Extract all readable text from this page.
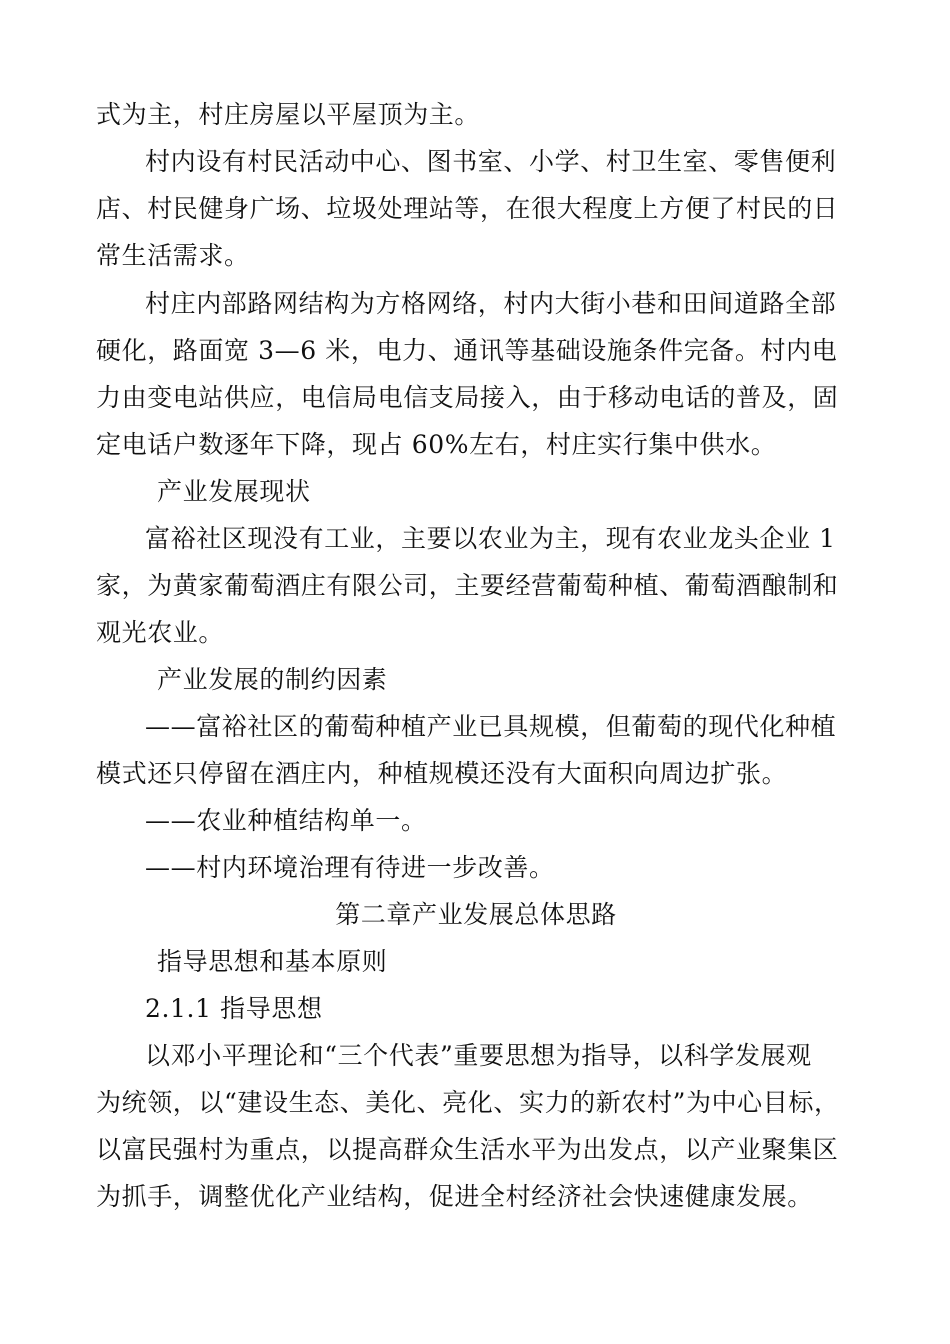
式为主，村庄房屋以平屋顶为主。
村内设有村民活动中心、图书室、小学、村卫生室、零售便利
店、村民健身广场、垃圾处理站等，在很大程度上方便了村民的日
常生活需求。
村庄内部路网结构为方格网络，村内大街小巷和田间道路全部
硬化，路面宽 3—6 米，电力、通讯等基础设施条件完备。村内电
力由变电站供应，电信局电信支局接入，由于移动电话的普及，固
定电话户数逐年下降，现占 60%左右，村庄实行集中供水。
产业发展现状
富裕社区现没有工业，主要以农业为主，现有农业龙头企业 1
家，为黄家葡萄酒庄有限公司，主要经营葡萄种植、葡萄酒酿制和
观光农业。
产业发展的制约因素
——富裕社区的葡萄种植产业已具规模，但葡萄的现代化种植
模式还只停留在酒庄内，种植规模还没有大面积向周边扩张。
——农业种植结构单一。
——村内环境治理有待进一步改善。
第二章产业发展总体思路
指导思想和基本原则
2.1.1 指导思想
以邓小平理论和“三个代表”重要思想为指导，以科学发展观
为统领，以“建设生态、美化、亮化、实力的新农村”为中心目标，
以富民强村为重点，以提高群众生活水平为出发点，以产业聚集区
为抓手，调整优化产业结构，促进全村经济社会快速健康发展。
